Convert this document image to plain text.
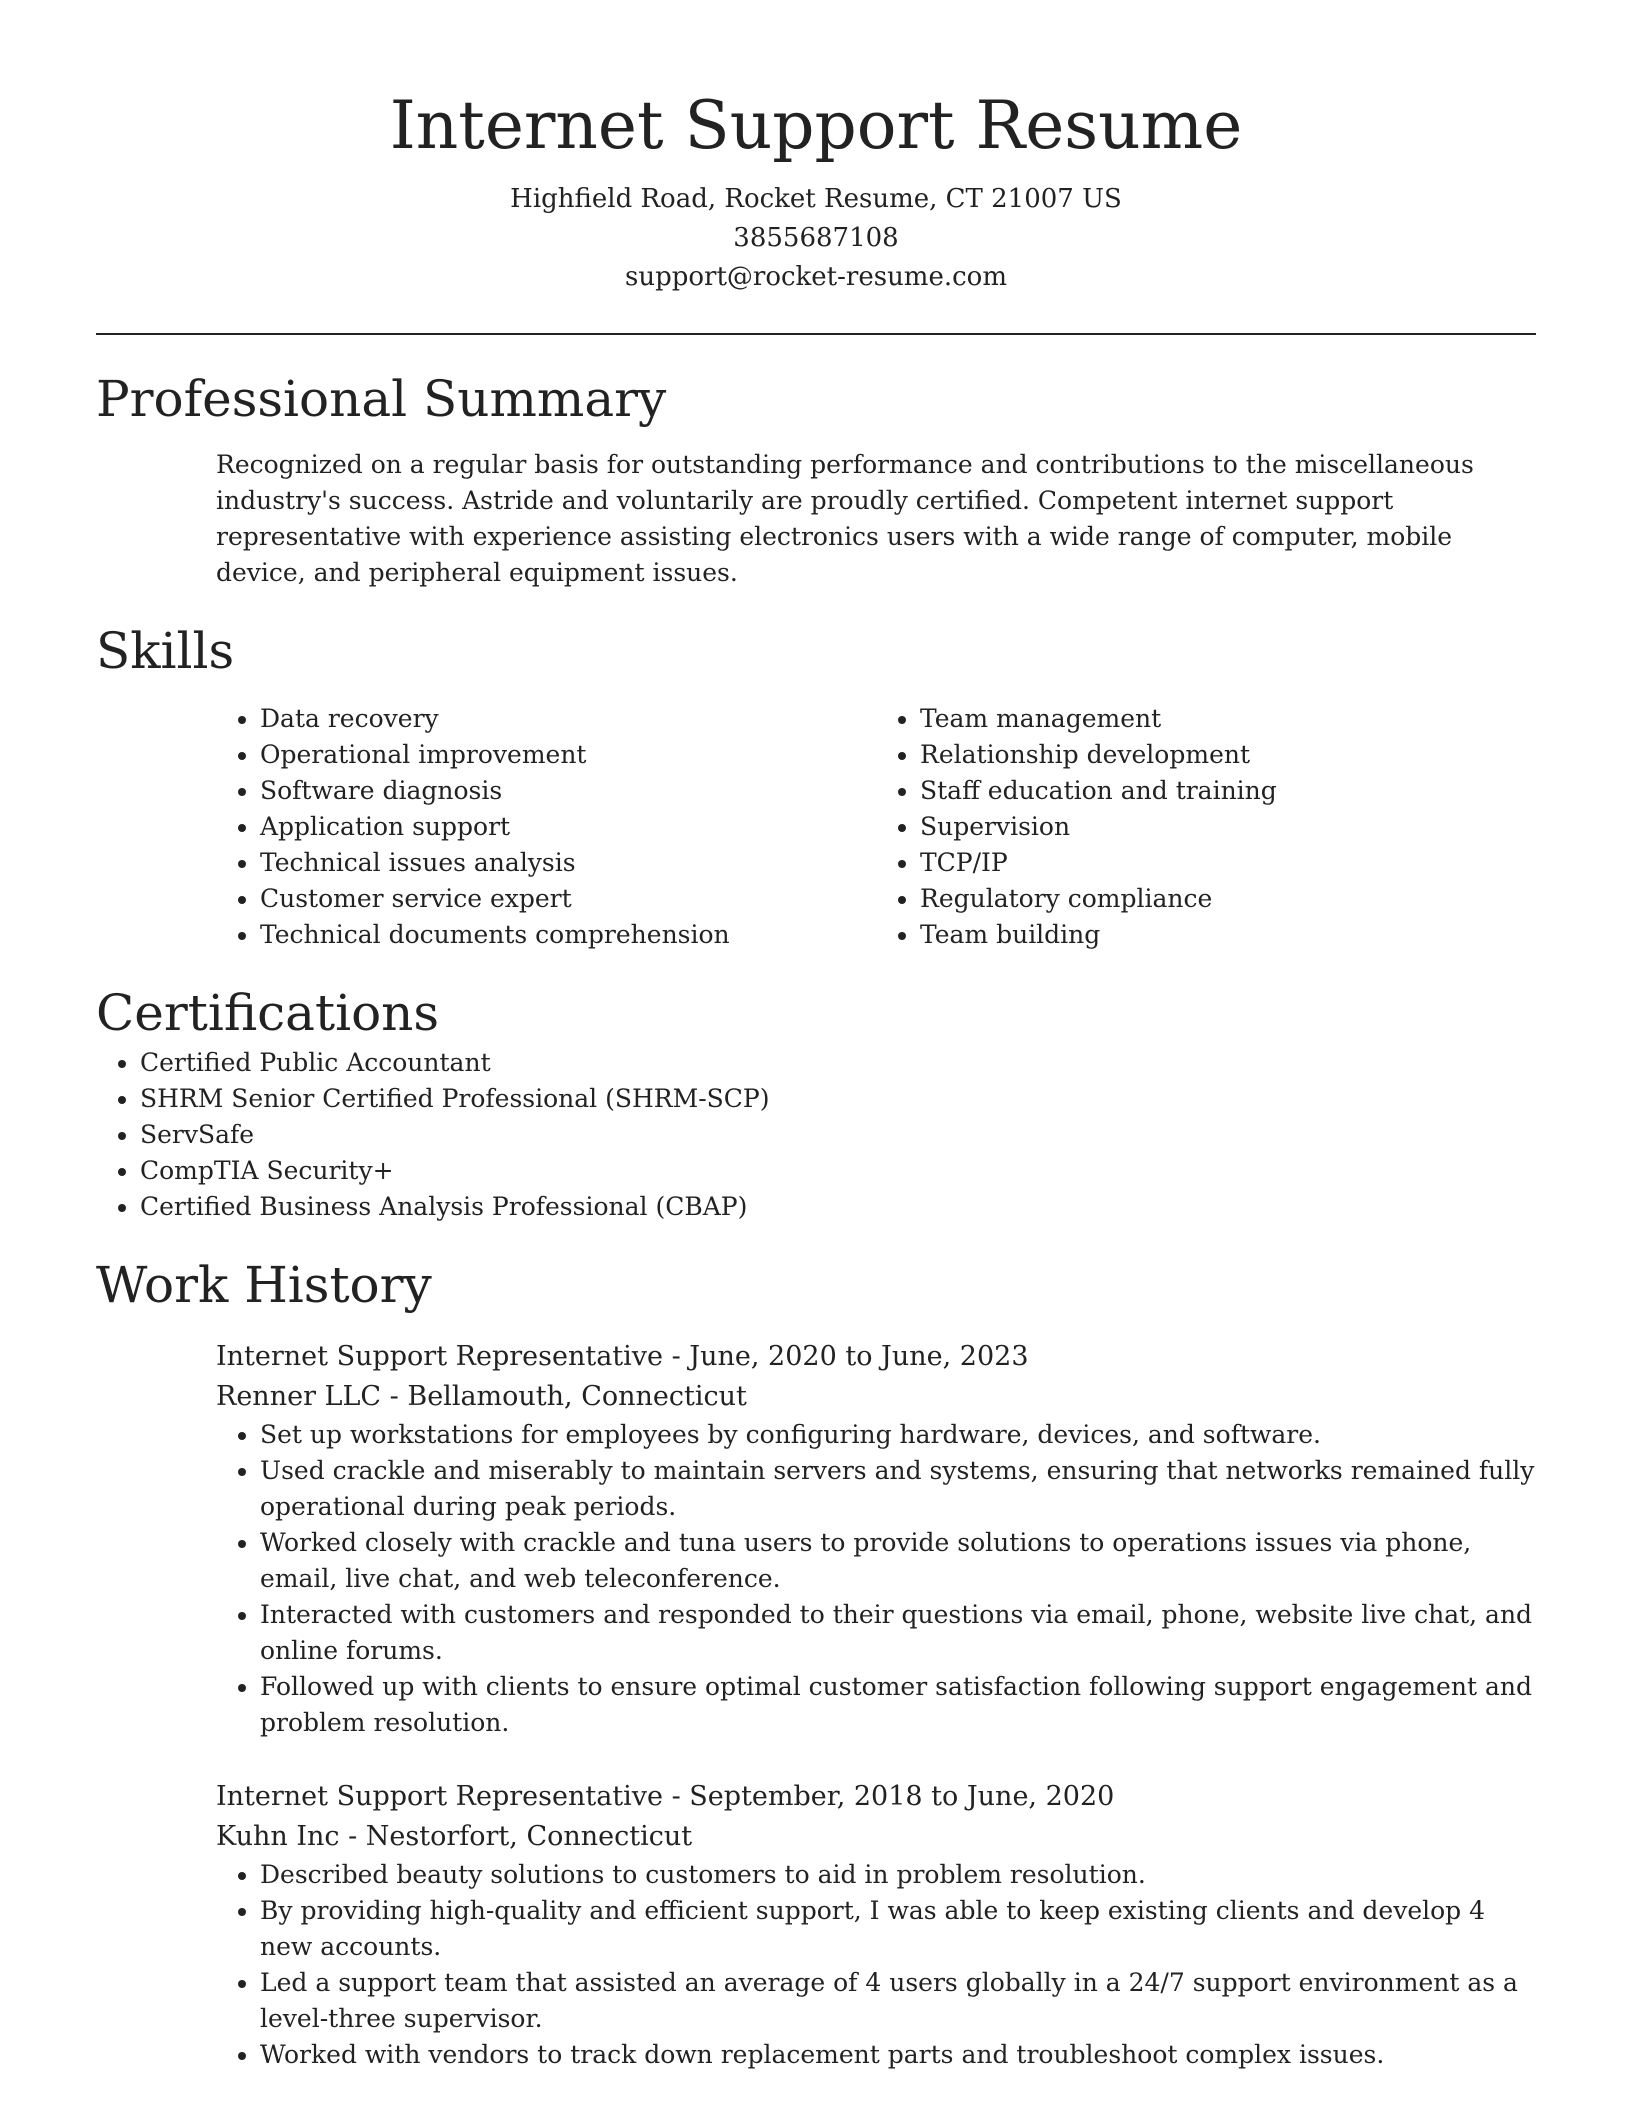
Internet Support Resume
Highfield Road, Rocket Resume, CT 21007 US
3855687108
support@rocket-resume.com
Professional Summary

Recognized on a regular basis for outstanding performance and contributions to the miscellaneous industry's success. Astride and voluntarily are proudly certified. Competent internet support representative with experience assisting electronics users with a wide range of computer, mobile device, and peripheral equipment issues.

Skills
• Data recovery
• Operational improvement
• Software diagnosis
• Application support
• Technical issues analysis
• Customer service expert
• Technical documents comprehension
• Team management
• Relationship development
• Staff education and training
• Supervision
• TCP/IP
• Regulatory compliance
• Team building
Certifications
• Certified Public Accountant
• SHRM Senior Certified Professional (SHRM-SCP)
• ServSafe
• CompTIA Security+
• Certified Business Analysis Professional (CBAP)
Work History
Internet Support Representative - June, 2020 to June, 2023
Renner LLC - Bellamouth, Connecticut
• Set up workstations for employees by configuring hardware, devices, and software.
• Used crackle and miserably to maintain servers and systems, ensuring that networks remained fully operational during peak periods.
• Worked closely with crackle and tuna users to provide solutions to operations issues via phone, email, live chat, and web teleconference.
• Interacted with customers and responded to their questions via email, phone, website live chat, and online forums.
• Followed up with clients to ensure optimal customer satisfaction following support engagement and problem resolution.
Internet Support Representative - September, 2018 to June, 2020
Kuhn Inc - Nestorfort, Connecticut
• Described beauty solutions to customers to aid in problem resolution.
• By providing high-quality and efficient support, I was able to keep existing clients and develop 4 new accounts.
• Led a support team that assisted an average of 4 users globally in a 24/7 support environment as a level-three supervisor.
• Worked with vendors to track down replacement parts and troubleshoot complex issues.
